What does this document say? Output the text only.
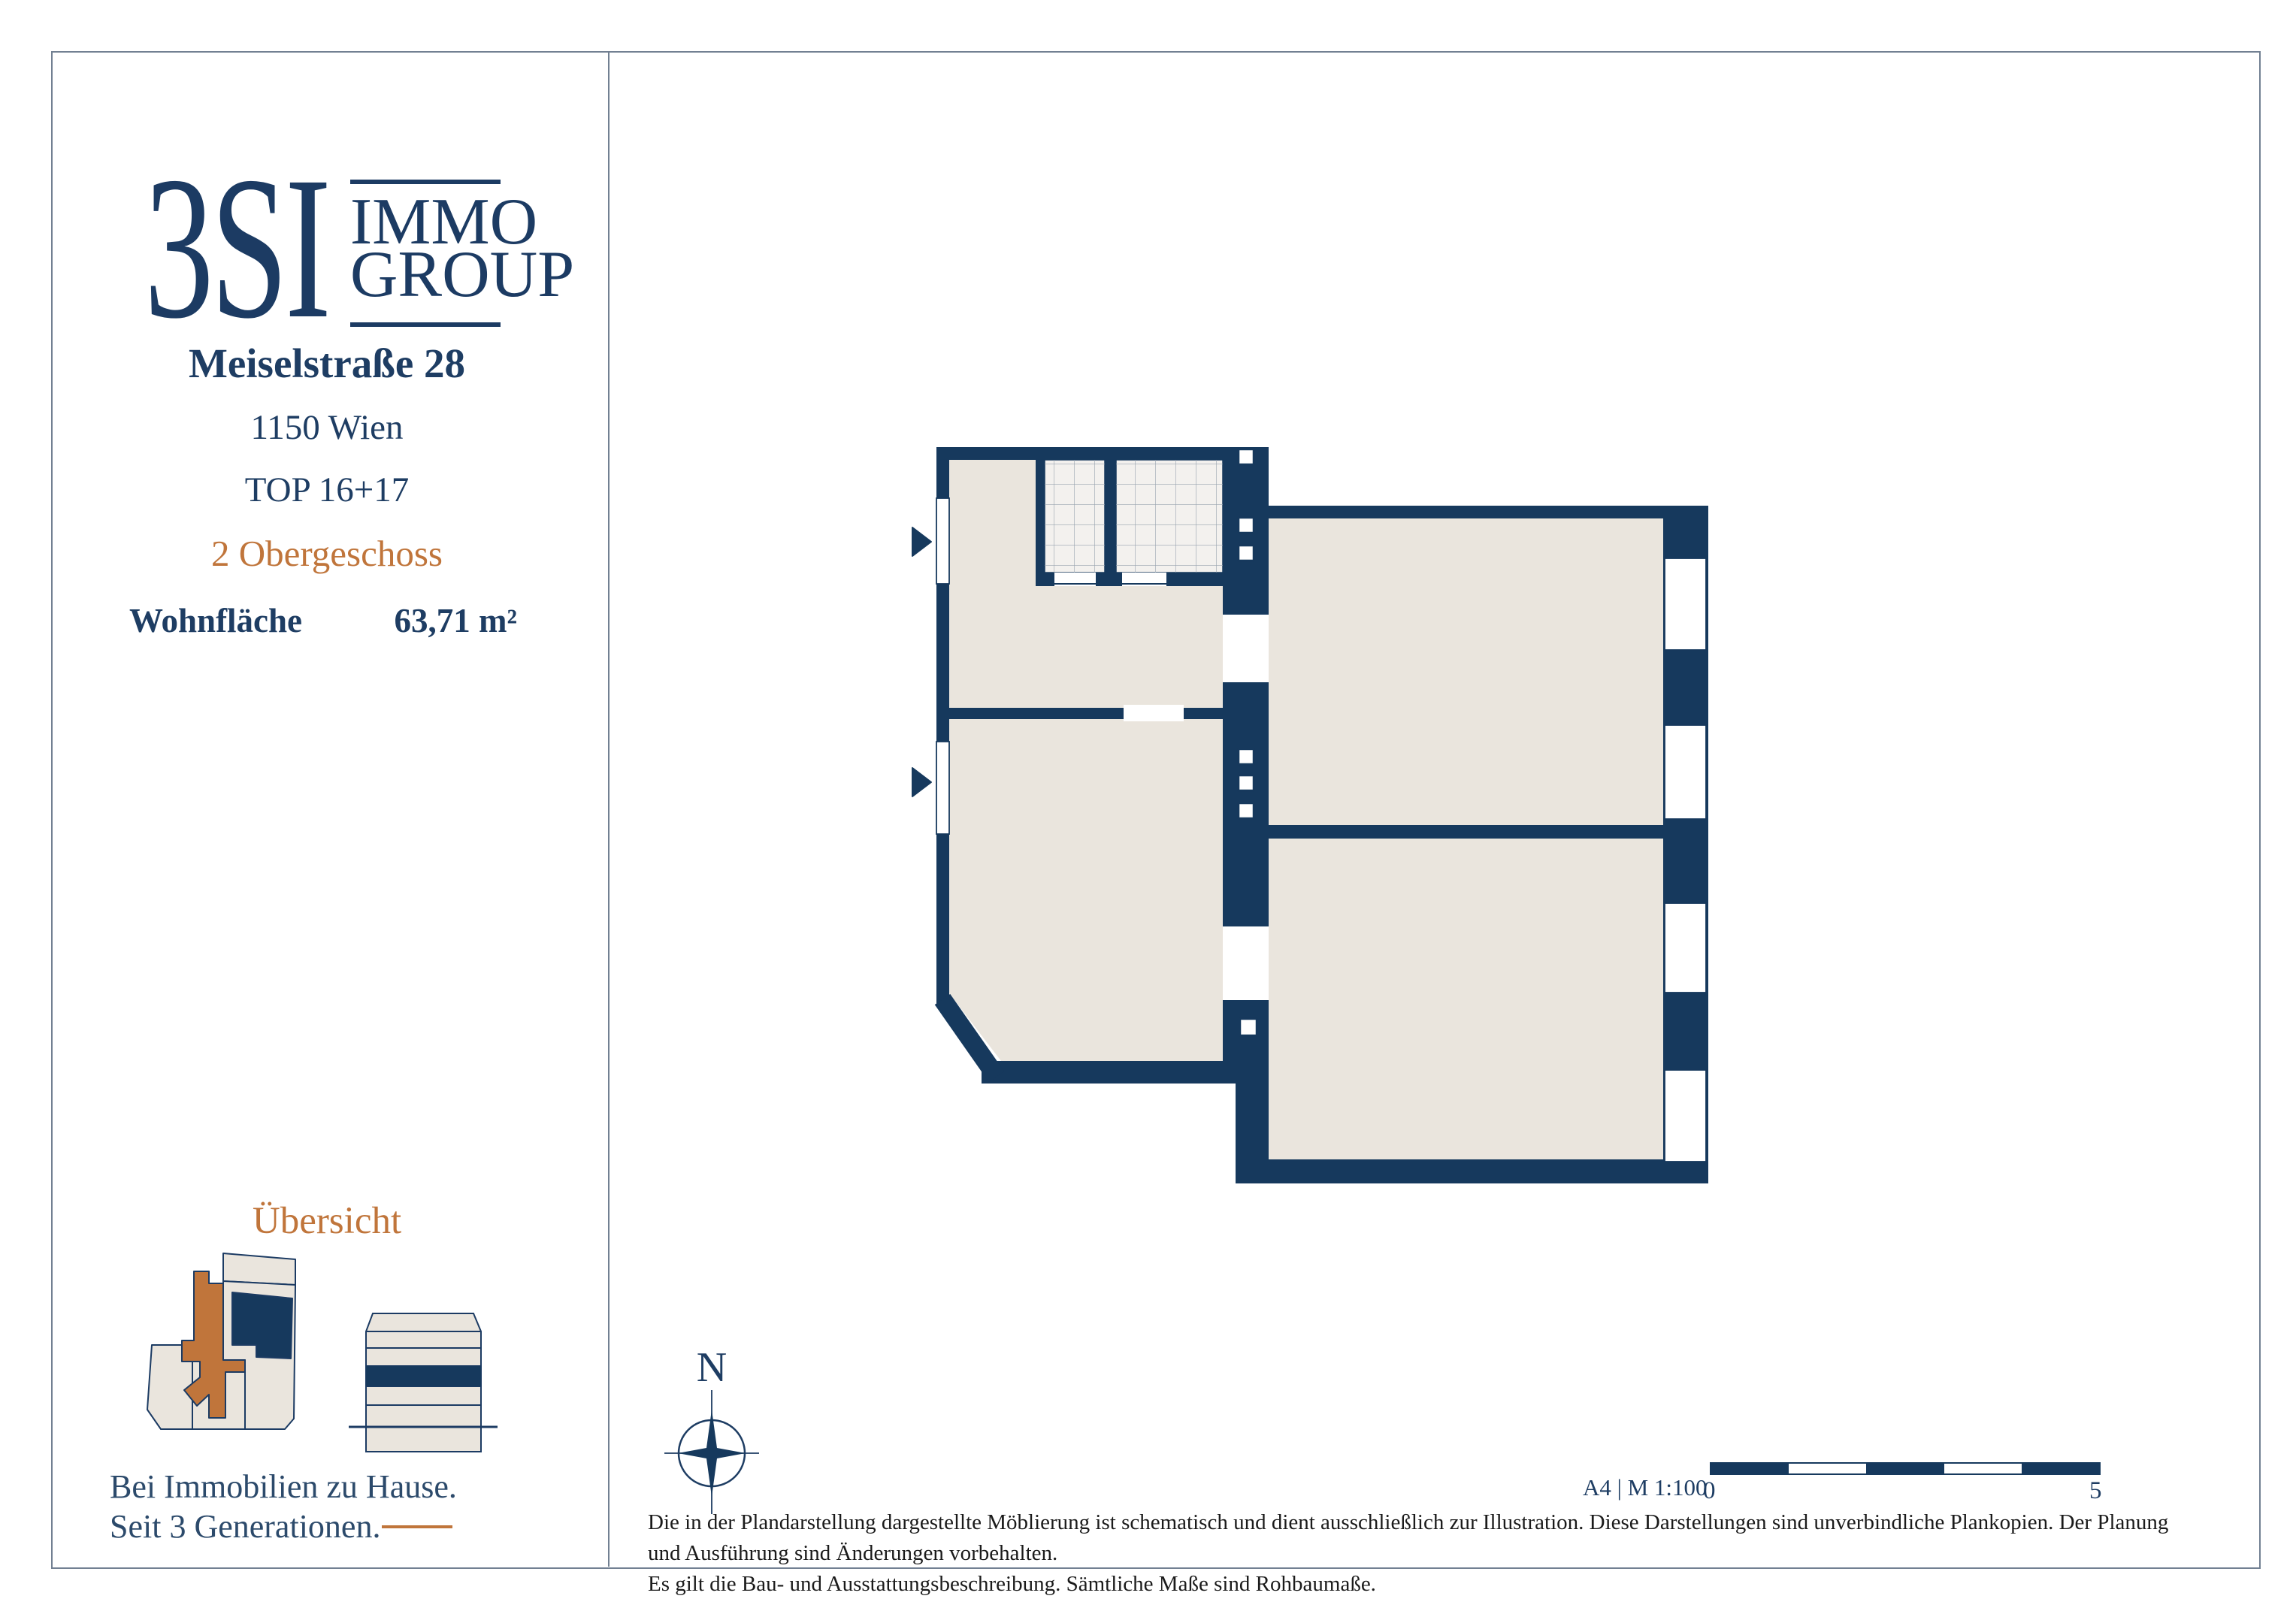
3SI IMMO
GROUP
Meiselstraße 28
1150 Wien
TOP 16+17
2 Obergeschoss
Wohnfläche	63,71 m²
Übersicht
Bei Immobilien zu Hause.
Seit 3 Generationen.
N
A4 | M 1:100
0	5
Die in der Plandarstellung dargestellte Möblierung ist schematisch und dient ausschließlich zur Illustration. Diese Darstellungen sind unverbindliche Plankopien. Der Planung und Ausführung sind Änderungen vorbehalten.
Es gilt die Bau- und Ausstattungsbeschreibung. Sämtliche Maße sind Rohbaumaße.
